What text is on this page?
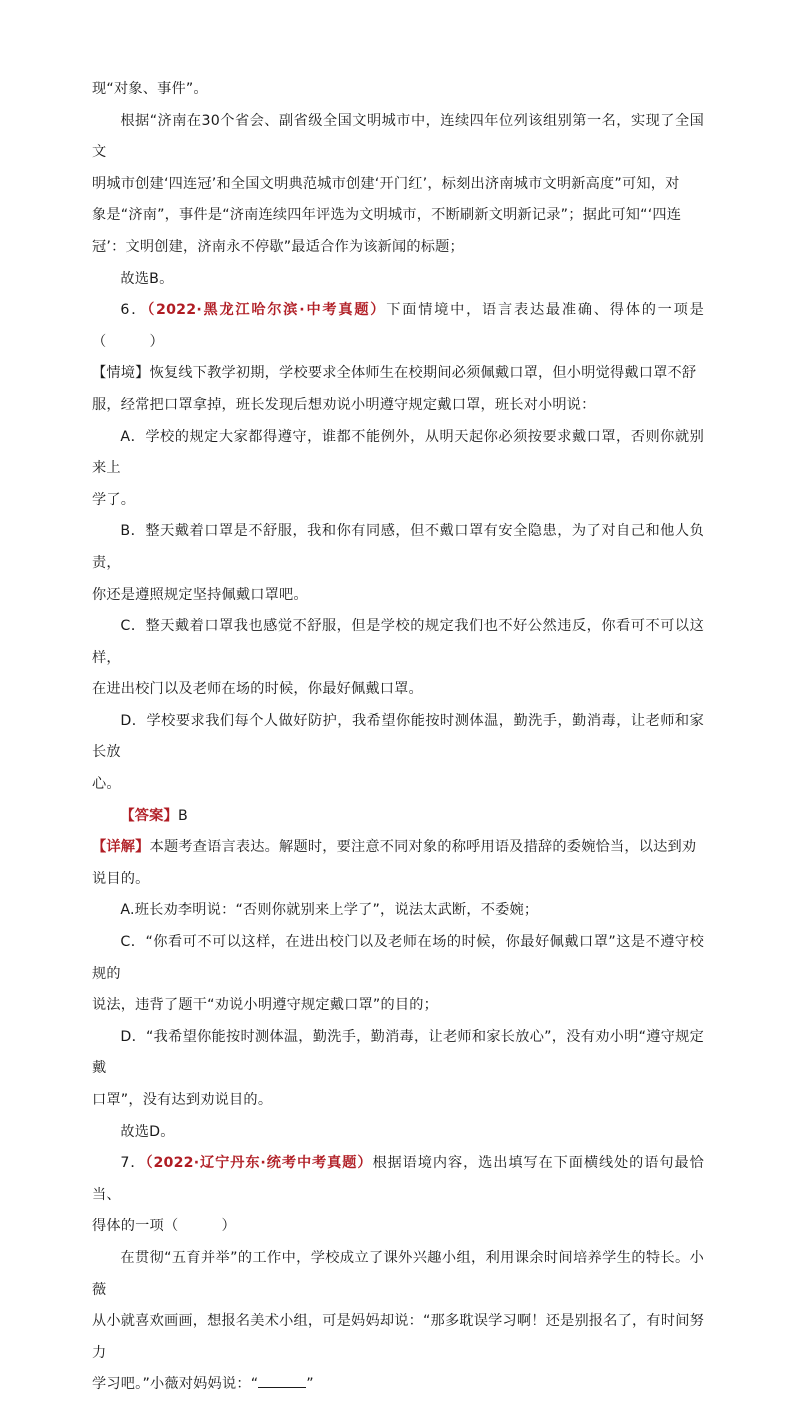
现“对象、事件”。

根据“济南在30个省会、副省级全国文明城市中，连续四年位列该组别第一名，实现了全国文

明城市创建‘四连冠’和全国文明典范城市创建‘开门红’，标刻出济南城市文明新高度”可知，对

象是“济南”，事件是“济南连续四年评选为文明城市，不断刷新文明新记录”；据此可知“‘四连

冠’：文明创建，济南永不停歇”最适合作为该新闻的标题；

故选B。

6．（2022·黑龙江哈尔滨·中考真题）下面情境中，语言表达最准确、得体的一项是（　　　）

【情境】恢复线下教学初期，学校要求全体师生在校期间必须佩戴口罩，但小明觉得戴口罩不舒

服，经常把口罩拿掉，班长发现后想劝说小明遵守规定戴口罩，班长对小明说：

A．学校的规定大家都得遵守，谁都不能例外，从明天起你必须按要求戴口罩，否则你就别来上

学了。

B．整天戴着口罩是不舒服，我和你有同感，但不戴口罩有安全隐患，为了对自己和他人负责，

你还是遵照规定坚持佩戴口罩吧。

C．整天戴着口罩我也感觉不舒服，但是学校的规定我们也不好公然违反，你看可不可以这样，

在进出校门以及老师在场的时候，你最好佩戴口罩。

D．学校要求我们每个人做好防护，我希望你能按时测体温，勤洗手，勤消毒，让老师和家长放

心。

【答案】B

【详解】本题考查语言表达。解题时，要注意不同对象的称呼用语及措辞的委婉恰当，以达到劝

说目的。

A.班长劝李明说：“否则你就别来上学了”，说法太武断，不委婉；

C．“你看可不可以这样，在进出校门以及老师在场的时候，你最好佩戴口罩”这是不遵守校规的

说法，违背了题干“劝说小明遵守规定戴口罩”的目的；

D．“我希望你能按时测体温，勤洗手，勤消毒，让老师和家长放心”，没有劝小明“遵守规定戴

口罩”，没有达到劝说目的。

故选D。

7．（2022·辽宁丹东·统考中考真题）根据语境内容，选出填写在下面横线处的语句最恰当、

得体的一项（　　　）

在贯彻“五育并举”的工作中，学校成立了课外兴趣小组，利用课余时间培养学生的特长。小薇

从小就喜欢画画，想报名美术小组，可是妈妈却说：“那多耽误学习啊！还是别报名了，有时间努力

学习吧。”小薇对妈妈说：“	”
